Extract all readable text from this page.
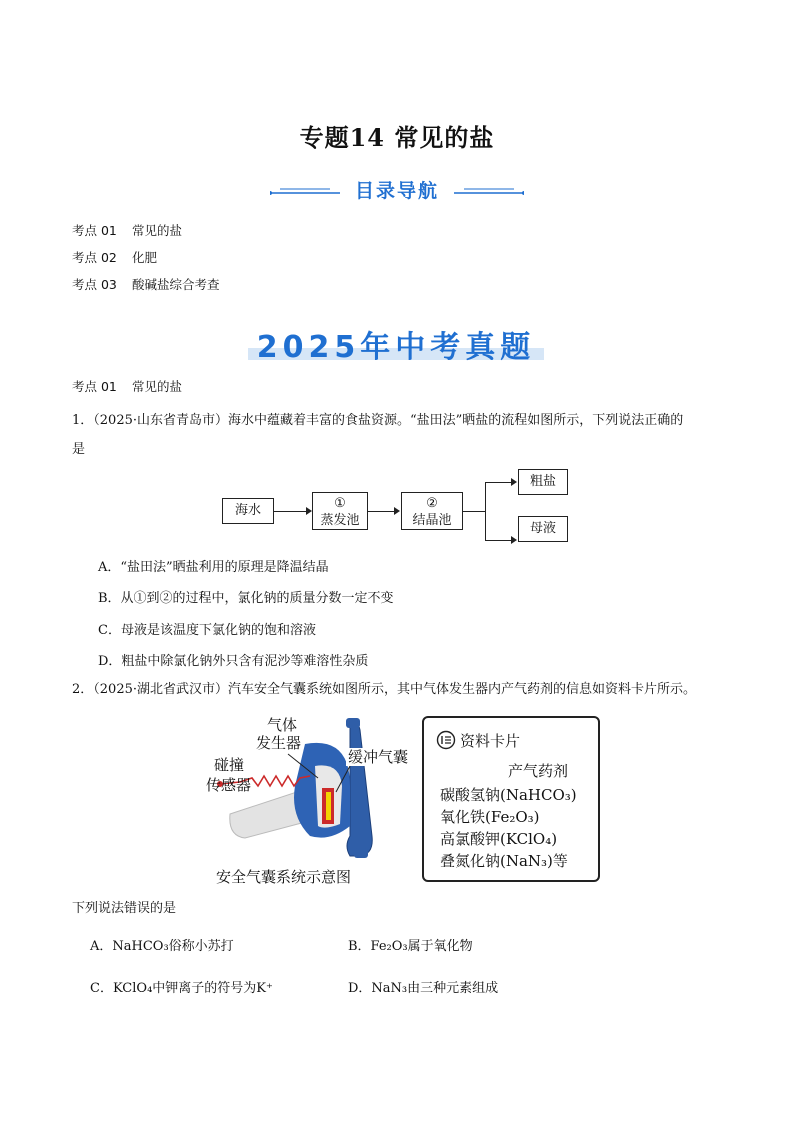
专题14 常见的盐
目录导航
考点 01 常见的盐
考点 02 化肥
考点 03 酸碱盐综合考查
2025年中考真题
考点 01 常见的盐
1．（2025·山东省青岛市）海水中蕴藏着丰富的食盐资源。“盐田法”晒盐的流程如图所示，下列说法正确的
是
海水	①
蒸发池
②
结晶池
粗盐
母液
A．“盐田法”晒盐利用的原理是降温结晶
B．从①到②的过程中，氯化钠的质量分数一定不变
C．母液是该温度下氯化钠的饱和溶液
D．粗盐中除氯化钠外只含有泥沙等难溶性杂质
2．（2025·湖北省武汉市）汽车安全气囊系统如图所示，其中气体发生器内产气药剂的信息如资料卡片所示。
气体
发生器
碰撞
传感器
缓冲气囊
安全气囊系统示意图
资料卡片
产气药剂
碳酸氢钠(NaHCO₃)
氧化铁(Fe₂O₃)
高氯酸钾(KClO₄)
叠氮化钠(NaN₃)等
下列说法错误的是
A．NaHCO₃俗称小苏打	B．Fe₂O₃属于氧化物
C．KClO₄中钾离子的符号为K⁺	D．NaN₃由三种元素组成
